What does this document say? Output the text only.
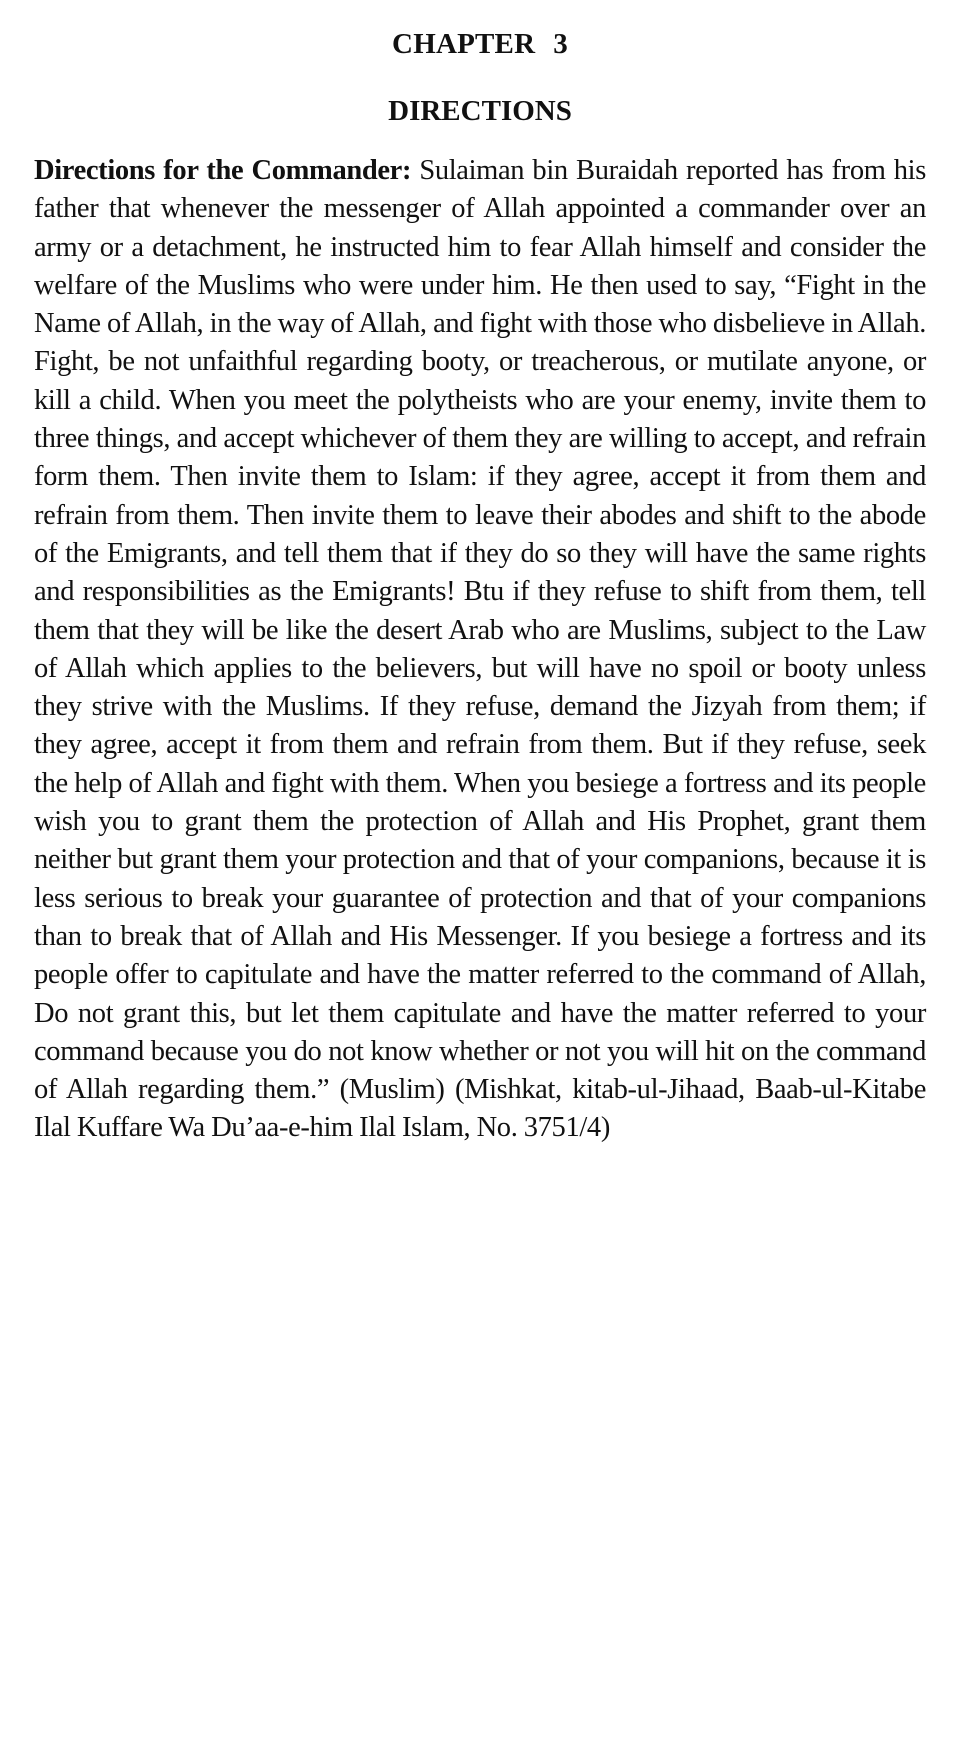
CHAPTER 3
DIRECTIONS

Directions for the Commander: Sulaiman bin Buraidah reported has from his father that whenever the messenger of Allah appointed a commander over an army or a detachment, he instructed him to fear Allah himself and consider the welfare of the Muslims who were under him. He then used to say, “Fight in the Name of Allah, in the way of Allah, and fight with those who disbelieve in Allah. Fight, be not unfaithful regarding booty, or treacherous, or mutilate anyone, or kill a child. When you meet the polytheists who are your enemy, invite them to three things, and accept whichever of them they are willing to accept, and refrain form them. Then invite them to Islam: if they agree, accept it from them and refrain from them. Then invite them to leave their abodes and shift to the abode of the Emigrants, and tell them that if they do so they will have the same rights and responsibilities as the Emigrants! Btu if they refuse to shift from them, tell them that they will be like the desert Arab who are Muslims, subject to the Law of Allah which applies to the believers, but will have no spoil or booty unless they strive with the Muslims. If they refuse, demand the Jizyah from them; if they agree, accept it from them and refrain from them. But if they refuse, seek the help of Allah and fight with them. When you besiege a fortress and its people wish you to grant them the protection of Allah and His Prophet, grant them neither but grant them your protection and that of your companions, because it is less serious to break your guarantee of protection and that of your companions than to break that of Allah and His Messenger. If you besiege a fortress and its people offer to capitulate and have the matter referred to the command of Allah, Do not grant this, but let them capitulate and have the matter referred to your command because you do not know whether or not you will hit on the command of Allah regarding them.” (Muslim) (Mishkat, kitab-ul-Jihaad, Baab-ul-Kitabe Ilal Kuffare Wa Du’aa-e-him Ilal Islam, No. 3751/4)
